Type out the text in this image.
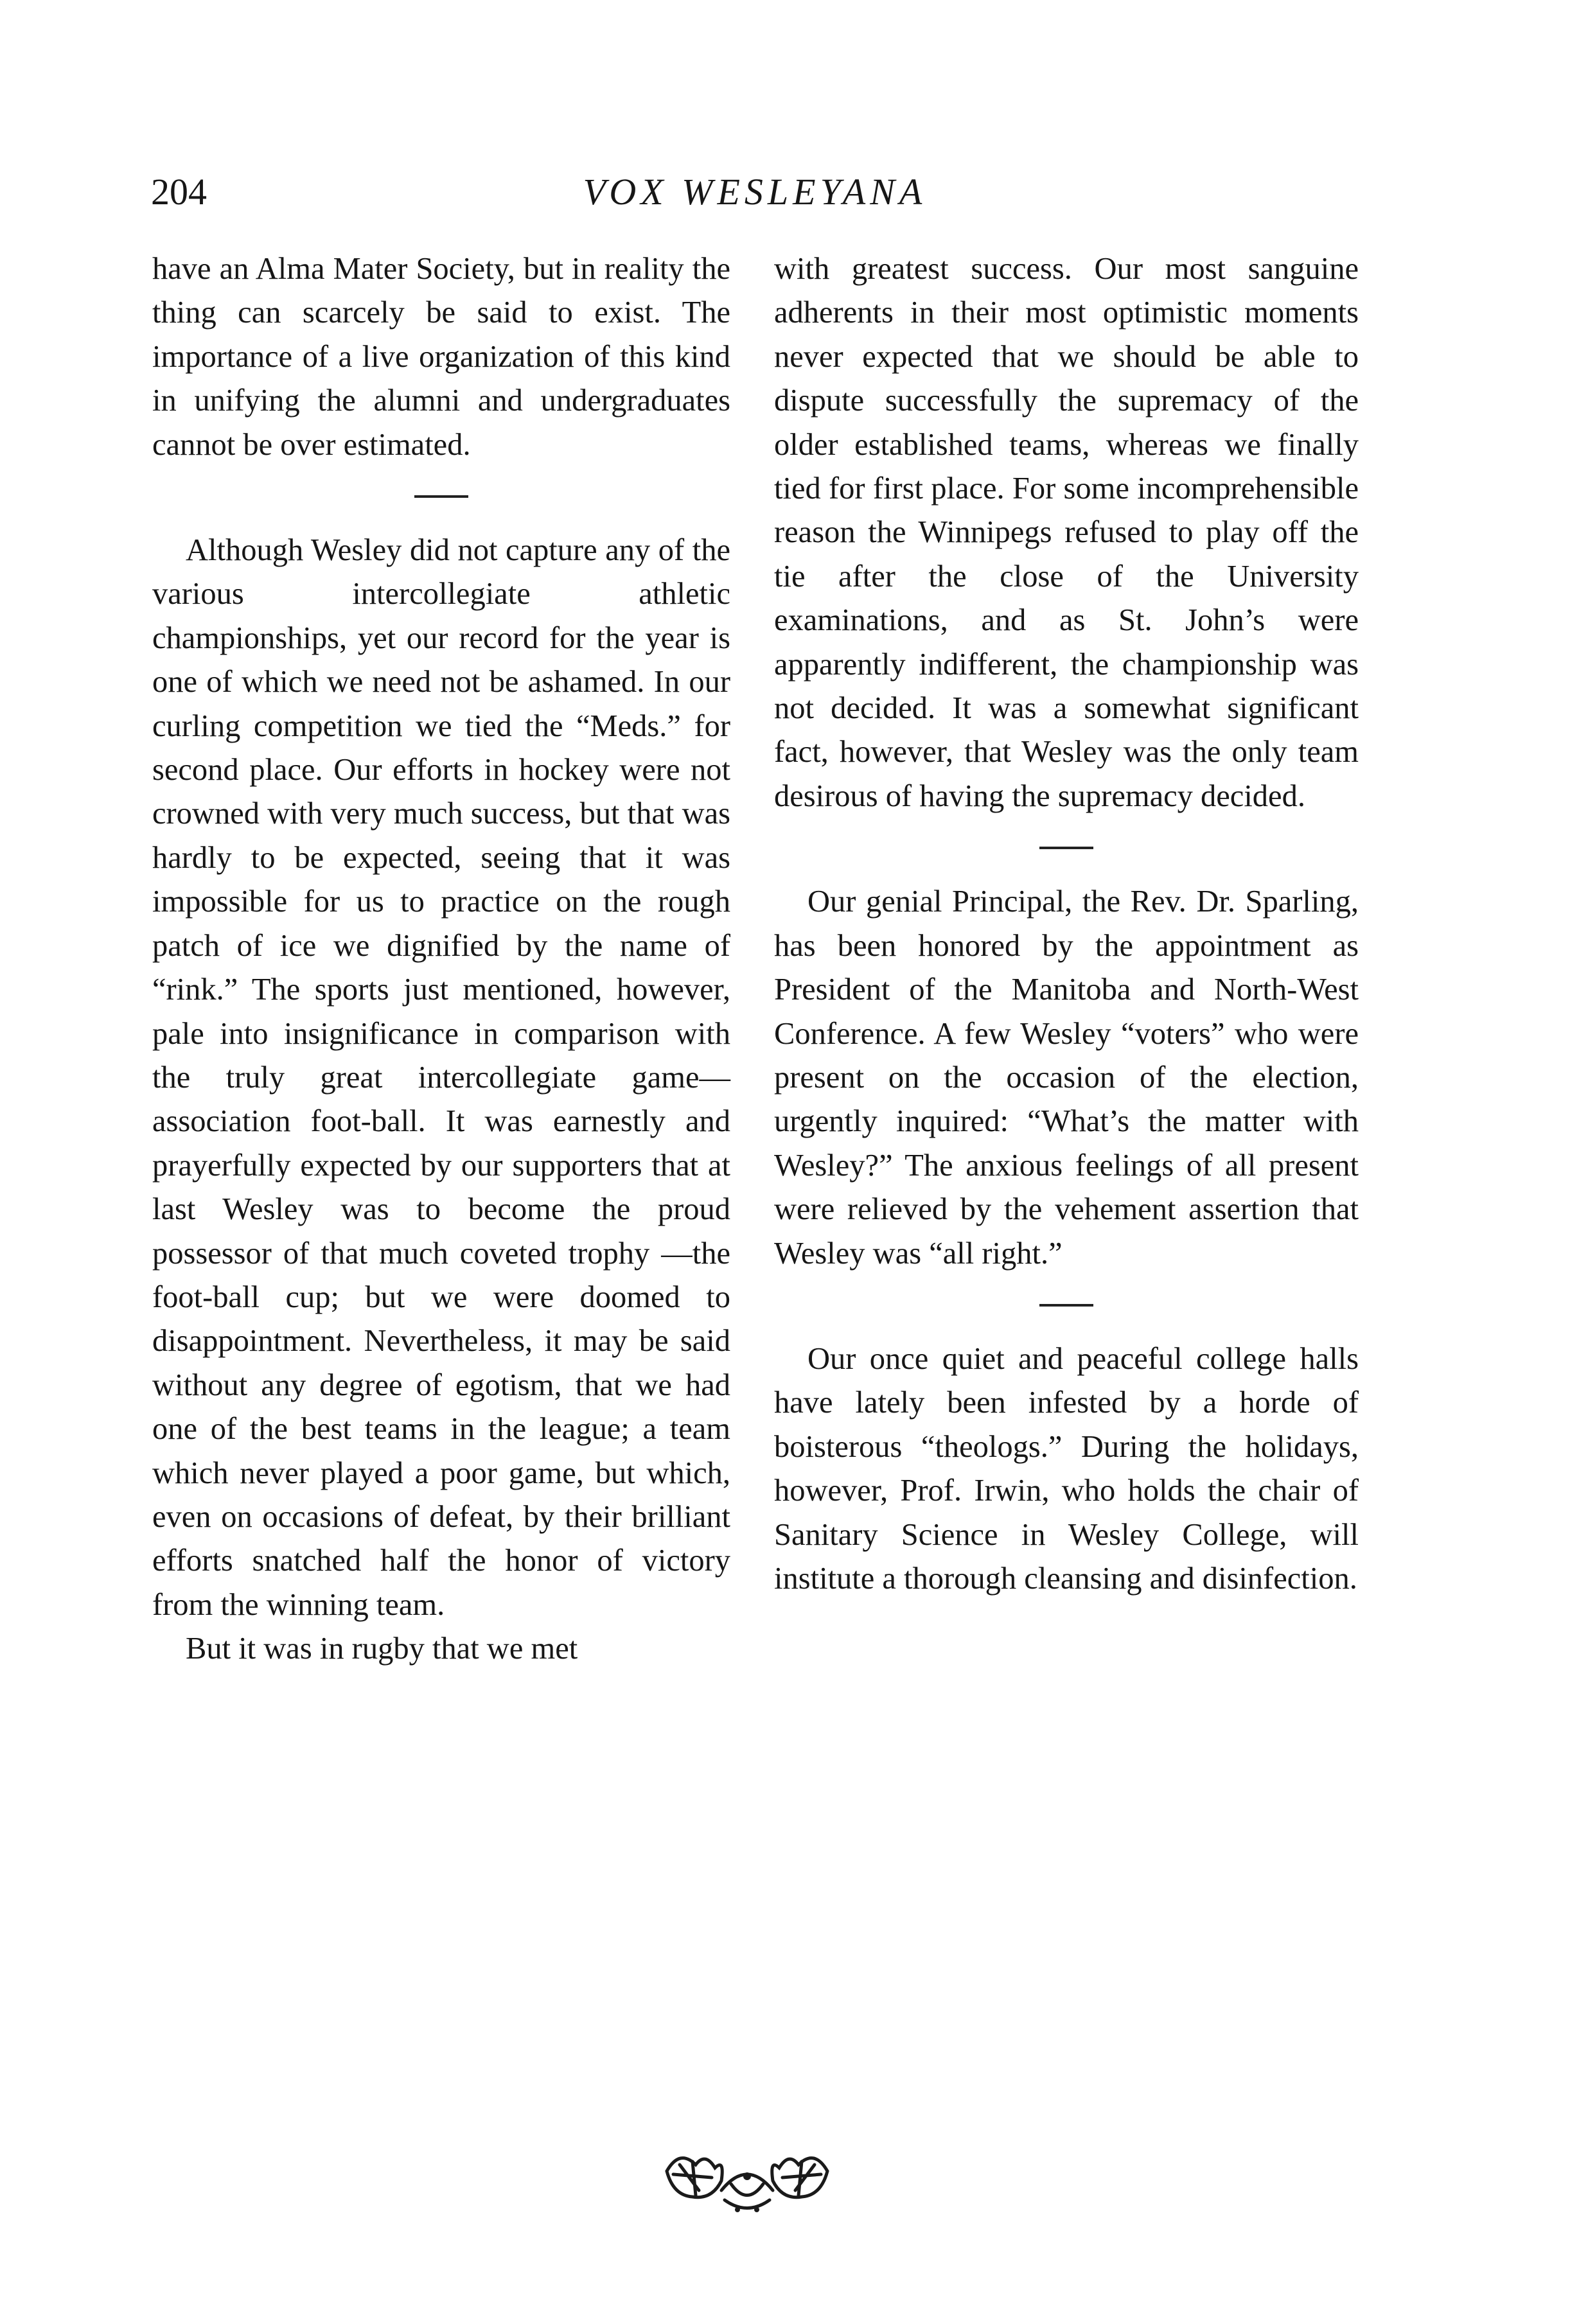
204	VOX WESLEYANA

have an Alma Mater Society, but in reality the thing can scarcely be said to exist. The importance of a live organization of this kind in unifying the alumni and undergraduates cannot be over estimated.

Although Wesley did not capture any of the various intercollegiate athletic championships, yet our record for the year is one of which we need not be ashamed. In our curling competition we tied the “Meds.” for second place. Our efforts in hockey were not crowned with very much success, but that was hardly to be expected, seeing that it was impossible for us to practice on the rough patch of ice we dignified by the name of “rink.” The sports just mentioned, however, pale into insignificance in comparison with the truly great intercollegiate game—association foot-ball. It was earnestly and prayerfully expected by our supporters that at last Wesley was to become the proud possessor of that much coveted trophy —the foot-ball cup; but we were doomed to disappointment. Nevertheless, it may be said without any degree of egotism, that we had one of the best teams in the league; a team which never played a poor game, but which, even on occasions of defeat, by their brilliant efforts snatched half the honor of victory from the winning team.

But it was in rugby that we met

with greatest success. Our most sanguine adherents in their most optimistic moments never expected that we should be able to dispute successfully the supremacy of the older established teams, whereas we finally tied for first place. For some incomprehensible reason the Winnipegs refused to play off the tie after the close of the University examinations, and as St. John’s were apparently indifferent, the championship was not decided. It was a somewhat significant fact, however, that Wesley was the only team desirous of having the supremacy decided.

Our genial Principal, the Rev. Dr. Sparling, has been honored by the appointment as President of the Manitoba and North-West Conference. A few Wesley “voters” who were present on the occasion of the election, urgently inquired: “What’s the matter with Wesley?” The anxious feelings of all present were relieved by the vehement assertion that Wesley was “all right.”

Our once quiet and peaceful college halls have lately been infested by a horde of boisterous “theologs.” During the holidays, however, Prof. Irwin, who holds the chair of Sanitary Science in Wesley College, will institute a thorough cleansing and disinfection.
